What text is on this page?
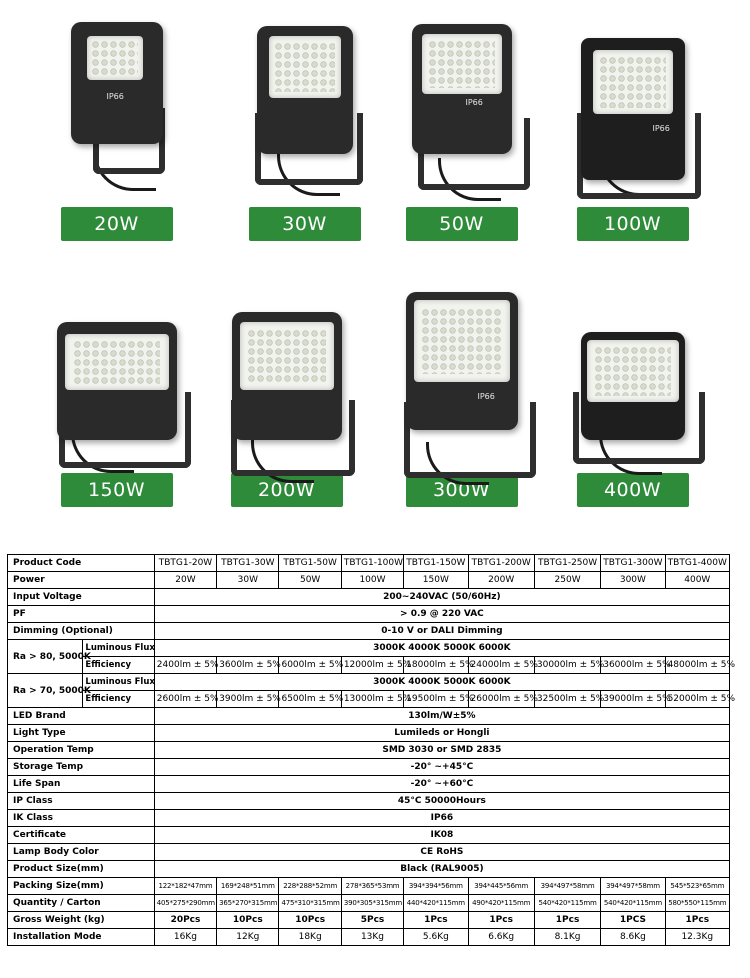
IP66
20W	30W
IP66
50W
IP66
100W
150W	200W
IP66
300W	400W
Product Code		TBTG1-20W	TBTG1-30W	TBTG1-50W	TBTG1-100W	TBTG1-150W	TBTG1-200W	TBTG1-250W	TBTG1-300W	TBTG1-400W
Power		20W	30W	50W	100W	150W	200W	250W	300W	400W
Input Voltage		200~240VAC (50/60Hz)								
PF		> 0.9 @ 220 VAC								
Dimming (Optional)		0-10 V or DALI Dimming								
Ra > 80, 5000K	Luminous Flux	3000K 4000K 5000K 6000K								
	Efficiency	2400lm ± 5%	3600lm ± 5%	6000lm ± 5%	12000lm ± 5%	18000lm ± 5%	24000lm ± 5%	30000lm ± 5%	36000lm ± 5%	48000lm ± 5%
Ra > 70, 5000K	Luminous Flux	3000K 4000K 5000K 6000K								
	Efficiency	2600lm ± 5%	3900lm ± 5%	6500lm ± 5%	13000lm ± 5%	19500lm ± 5%	26000lm ± 5%	32500lm ± 5%	39000lm ± 5%	52000lm ± 5%
LED Brand		130lm/W±5%								
Light Type		Lumileds or Hongli								
Operation Temp		SMD 3030 or SMD 2835								
Storage Temp		-20° ~+45°C								
Life Span		-20° ~+60°C								
IP Class		45°C 50000Hours								
IK Class		IP66								
Certificate		IK08								
Lamp Body Color		CE RoHS								
Product Size(mm)		Black (RAL9005)								
Packing Size(mm)		122*182*47mm	169*248*51mm	228*288*52mm	278*365*53mm	394*394*56mm	394*445*56mm	394*497*58mm	394*497*58mm	545*523*65mm
Quantity / Carton		405*275*290mm	365*270*315mm	475*310*315mm	390*305*315mm	440*420*115mm	490*420*115mm	540*420*115mm	540*420*115mm	580*550*115mm
Gross Weight (kg)		20Pcs	10Pcs	10Pcs	5Pcs	1Pcs	1Pcs	1Pcs	1PCS	1Pcs
Installation Mode		16Kg	12Kg	18Kg	13Kg	5.6Kg	6.6Kg	8.1Kg	8.6Kg	12.3Kg
